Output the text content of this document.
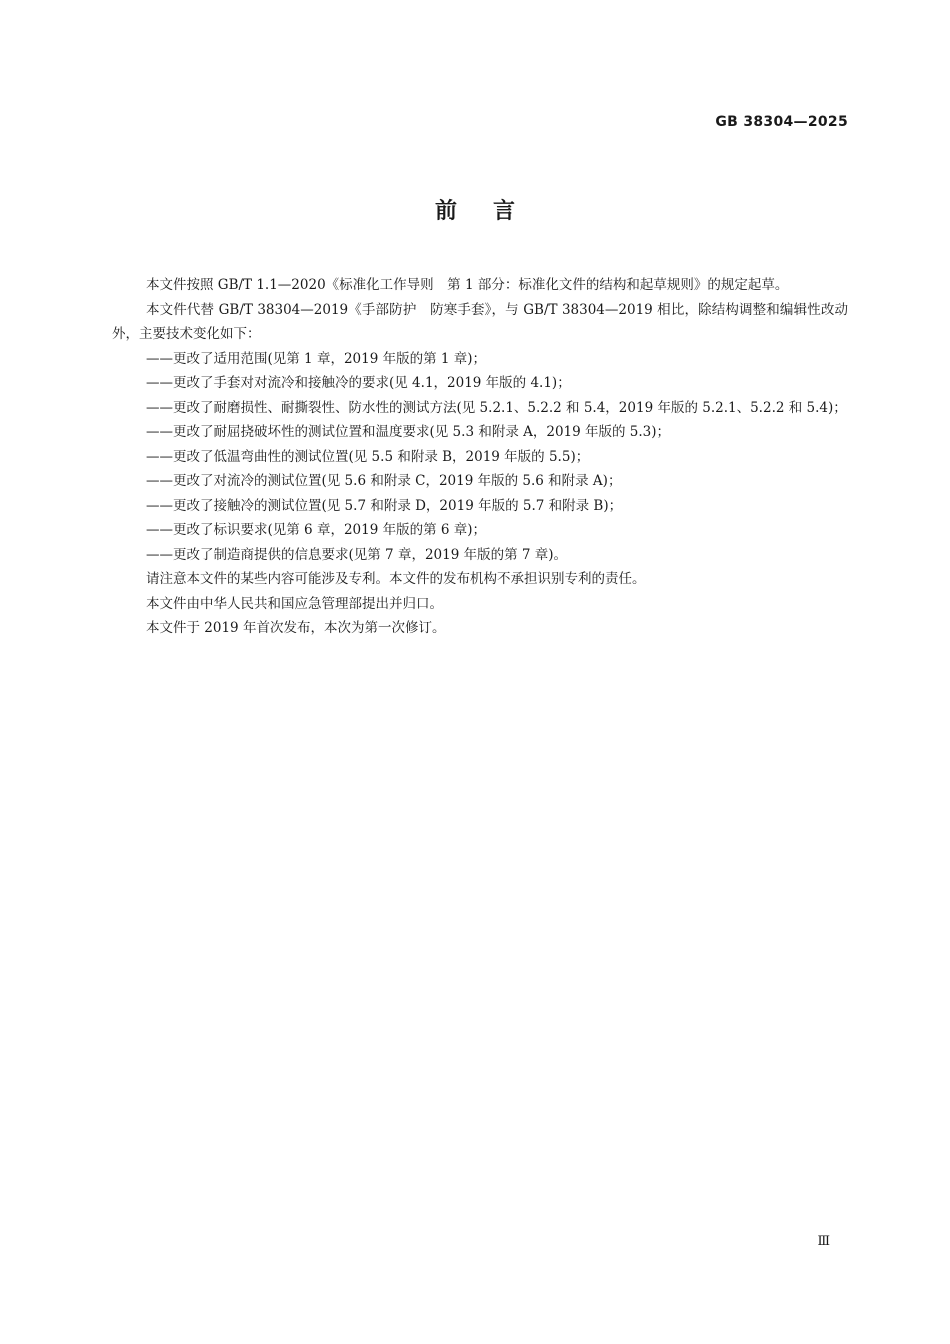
GB 38304—2025
前言

本文件按照 GB/T 1.1—2020《标准化工作导则　第 1 部分：标准化文件的结构和起草规则》的规定起草。

本文件代替 GB/T 38304—2019《手部防护　防寒手套》，与 GB/T 38304—2019 相比，除结构调整和编辑性改动外，主要技术变化如下：

——更改了适用范围(见第 1 章，2019 年版的第 1 章)；

——更改了手套对对流冷和接触冷的要求(见 4.1，2019 年版的 4.1)；

——更改了耐磨损性、耐撕裂性、防水性的测试方法(见 5.2.1、5.2.2 和 5.4，2019 年版的 5.2.1、5.2.2 和 5.4)；

——更改了耐屈挠破坏性的测试位置和温度要求(见 5.3 和附录 A，2019 年版的 5.3)；

——更改了低温弯曲性的测试位置(见 5.5 和附录 B，2019 年版的 5.5)；

——更改了对流冷的测试位置(见 5.6 和附录 C，2019 年版的 5.6 和附录 A)；

——更改了接触冷的测试位置(见 5.7 和附录 D，2019 年版的 5.7 和附录 B)；

——更改了标识要求(见第 6 章，2019 年版的第 6 章)；

——更改了制造商提供的信息要求(见第 7 章，2019 年版的第 7 章)。

请注意本文件的某些内容可能涉及专利。本文件的发布机构不承担识别专利的责任。

本文件由中华人民共和国应急管理部提出并归口。

本文件于 2019 年首次发布，本次为第一次修订。

Ⅲ
